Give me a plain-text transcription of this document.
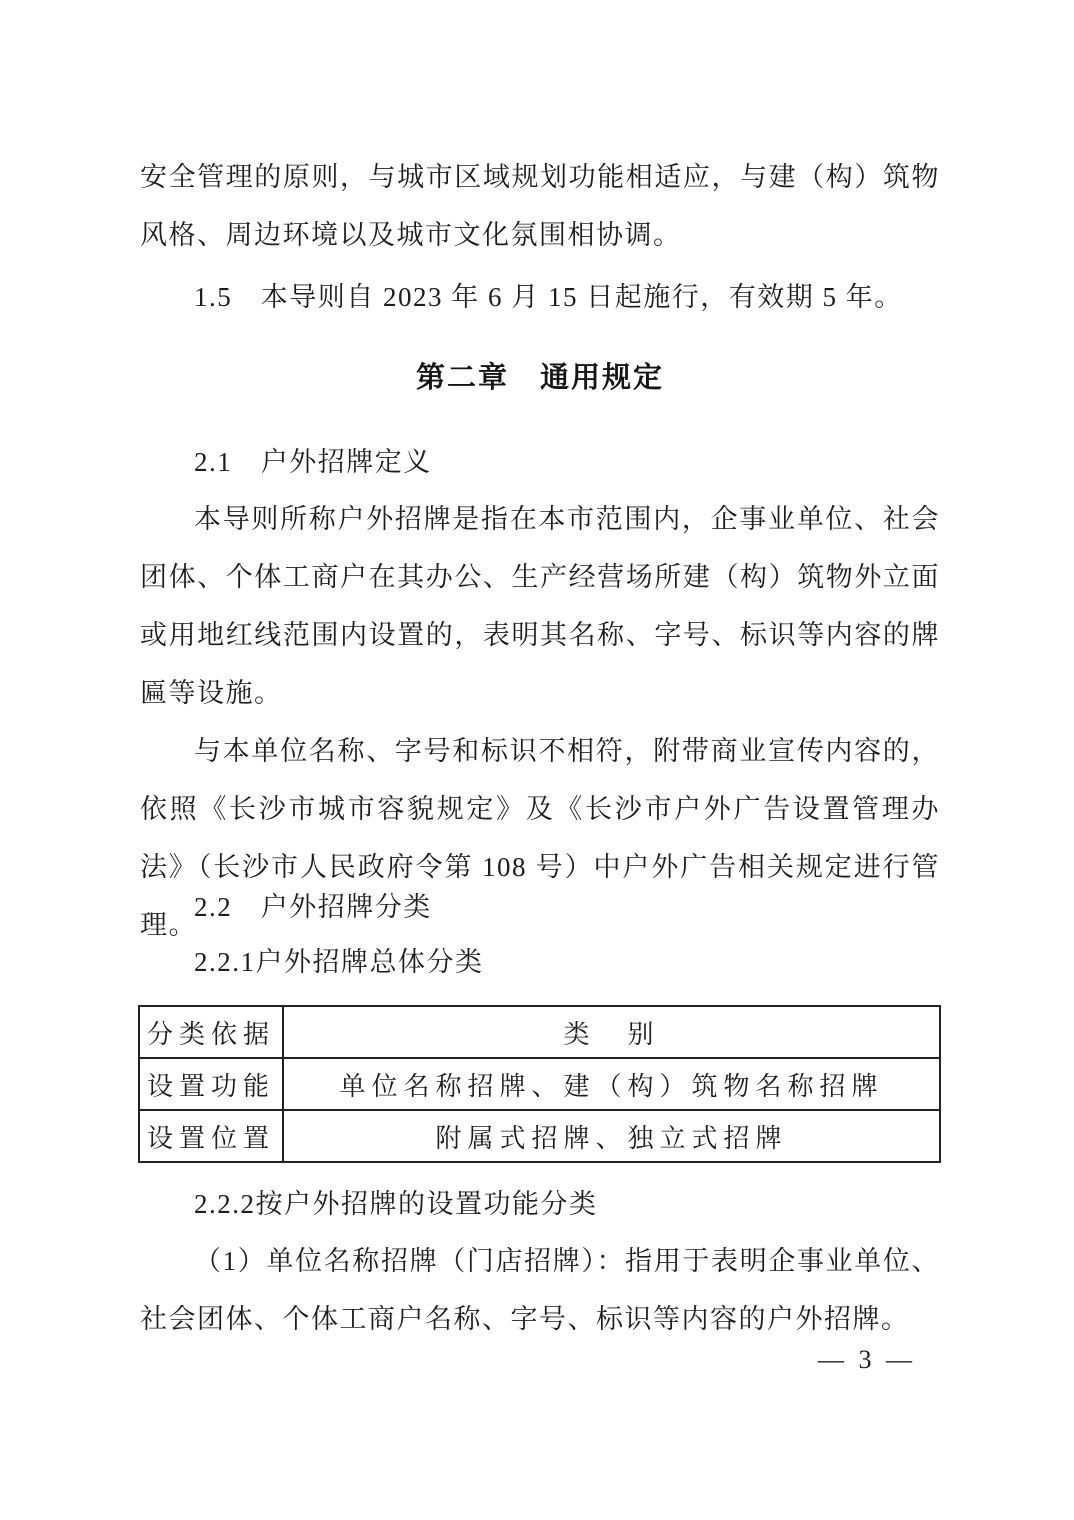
安全管理的原则，与城市区域规划功能相适应，与建（构）筑物风格、周边环境以及城市文化氛围相协调。

1.5　本导则自 2023 年 6 月 15 日起施行，有效期 5 年。

第二章　通用规定

2.1　户外招牌定义

本导则所称户外招牌是指在本市范围内，企事业单位、社会团体、个体工商户在其办公、生产经营场所建（构）筑物外立面或用地红线范围内设置的，表明其名称、字号、标识等内容的牌匾等设施。

与本单位名称、字号和标识不相符，附带商业宣传内容的，依照《长沙市城市容貌规定》及《长沙市户外广告设置管理办法》（长沙市人民政府令第 108 号）中户外广告相关规定进行管理。

2.2　户外招牌分类

2.2.1户外招牌总体分类

分类依据	类　别
设置功能	单位名称招牌、建（构）筑物名称招牌
设置位置	附属式招牌、独立式招牌

2.2.2按户外招牌的设置功能分类

（1）单位名称招牌（门店招牌）：指用于表明企事业单位、社会团体、个体工商户名称、字号、标识等内容的户外招牌。

— 3 —
